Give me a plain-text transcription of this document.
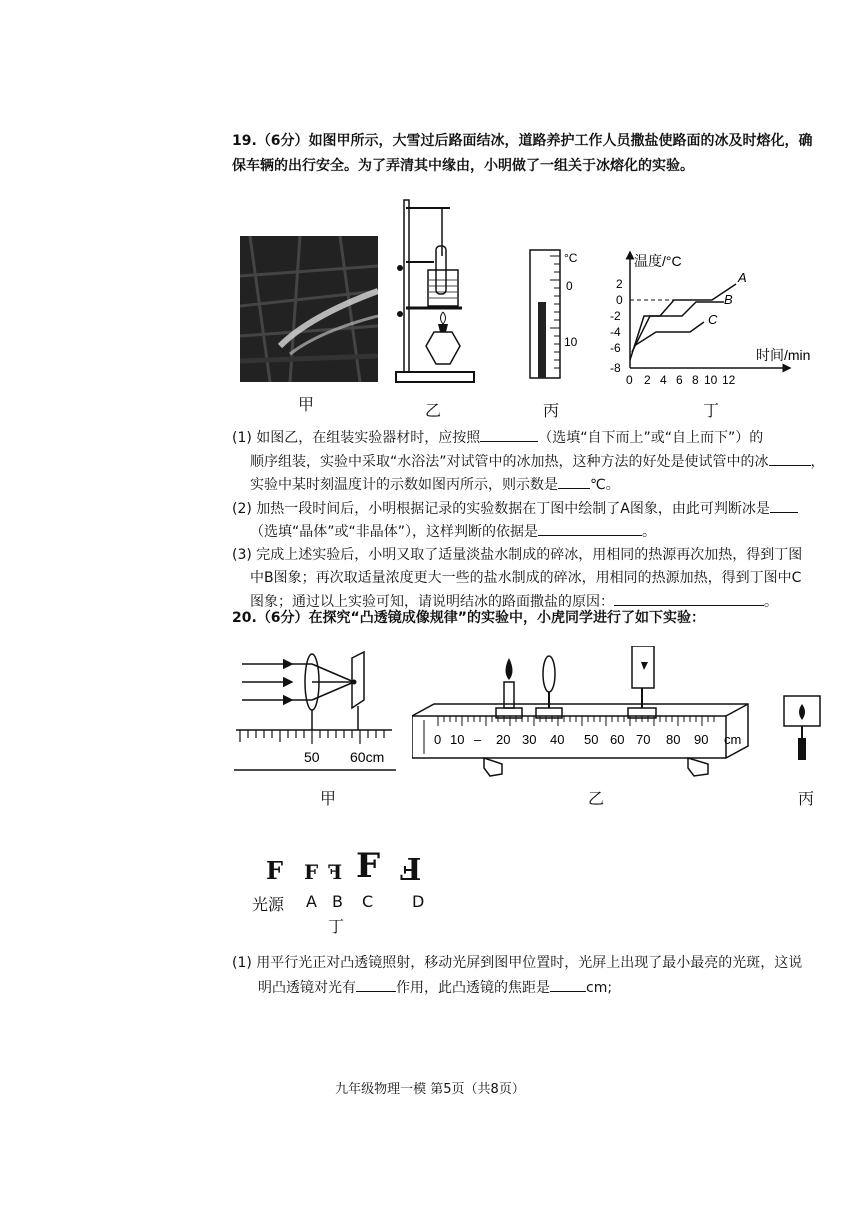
19.（6分）如图甲所示，大雪过后路面结冰，道路养护工作人员撒盐使路面的冰及时熔化，确
保车辆的出行安全。为了弄清其中缘由，小明做了一组关于冰熔化的实验。
甲	乙
°C
0
10
丙
温度/°C
时间/min
2
0
-2
-4
-6
-8
0 2 4 6 8 10 12
A
B
C
丁
(1) 如图乙，在组装实验器材时，应按照	（选填“自下而上”或“自上而下”）的
顺序组装，实验中采取“水浴法”对试管中的冰加热，这种方法的好处是使试管中的冰	，
实验中某时刻温度计的示数如图丙所示，则示数是 ℃。
(2) 加热一段时间后，小明根据记录的实验数据在丁图中绘制了A图象，由此可判断冰是
（选填“晶体”或“非晶体”），这样判断的依据是	。
(3) 完成上述实验后，小明又取了适量淡盐水制成的碎冰，用相同的热源再次加热，得到丁图
中B图象；再次取适量浓度更大一些的盐水制成的碎冰，用相同的热源加热，得到丁图中C
图象；通过以上实验可知，请说明结冰的路面撒盐的原因：	。
20.（6分）在探究“凸透镜成像规律”的实验中，小虎同学进行了如下实验：
50 60cm
甲
0 10 – 20 30 40 50 60 70 80 90 cm
乙	丙
F F F F F
光源 A B C D
丁
(1) 用平行光正对凸透镜照射，移动光屏到图甲位置时，光屏上出现了最小最亮的光斑，这说
明凸透镜对光有	作用，此凸透镜的焦距是	cm;
九年级物理一模 第5页（共8页）
